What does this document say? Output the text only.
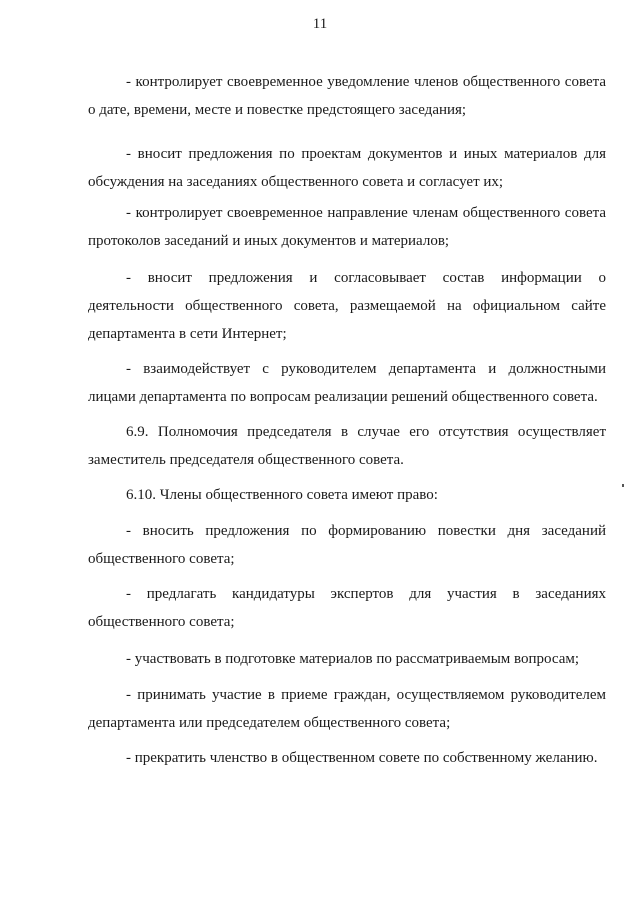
11
- контролирует своевременное уведомление членов общественного совета
о дате, времени, месте и повестке предстоящего заседания;
- вносит предложения по проектам документов и иных материалов для
обсуждения на заседаниях общественного совета и согласует их;
- контролирует своевременное направление членам общественного совета
протоколов заседаний и иных документов и материалов;
- вносит предложения и согласовывает состав информации о
деятельности общественного совета, размещаемой на официальном сайте
департамента в сети Интернет;
- взаимодействует с руководителем департамента и должностными
лицами департамента по вопросам реализации решений общественного совета.
6.9. Полномочия председателя в случае его отсутствия осуществляет
заместитель председателя общественного совета.
6.10. Члены общественного совета имеют право:
- вносить предложения по формированию повестки дня заседаний
общественного совета;
- предлагать кандидатуры экспертов для участия в заседаниях
общественного совета;
- участвовать в подготовке материалов по рассматриваемым вопросам;
- принимать участие в приеме граждан, осуществляемом руководителем
департамента или председателем общественного совета;
- прекратить членство в общественном совете по собственному желанию.
